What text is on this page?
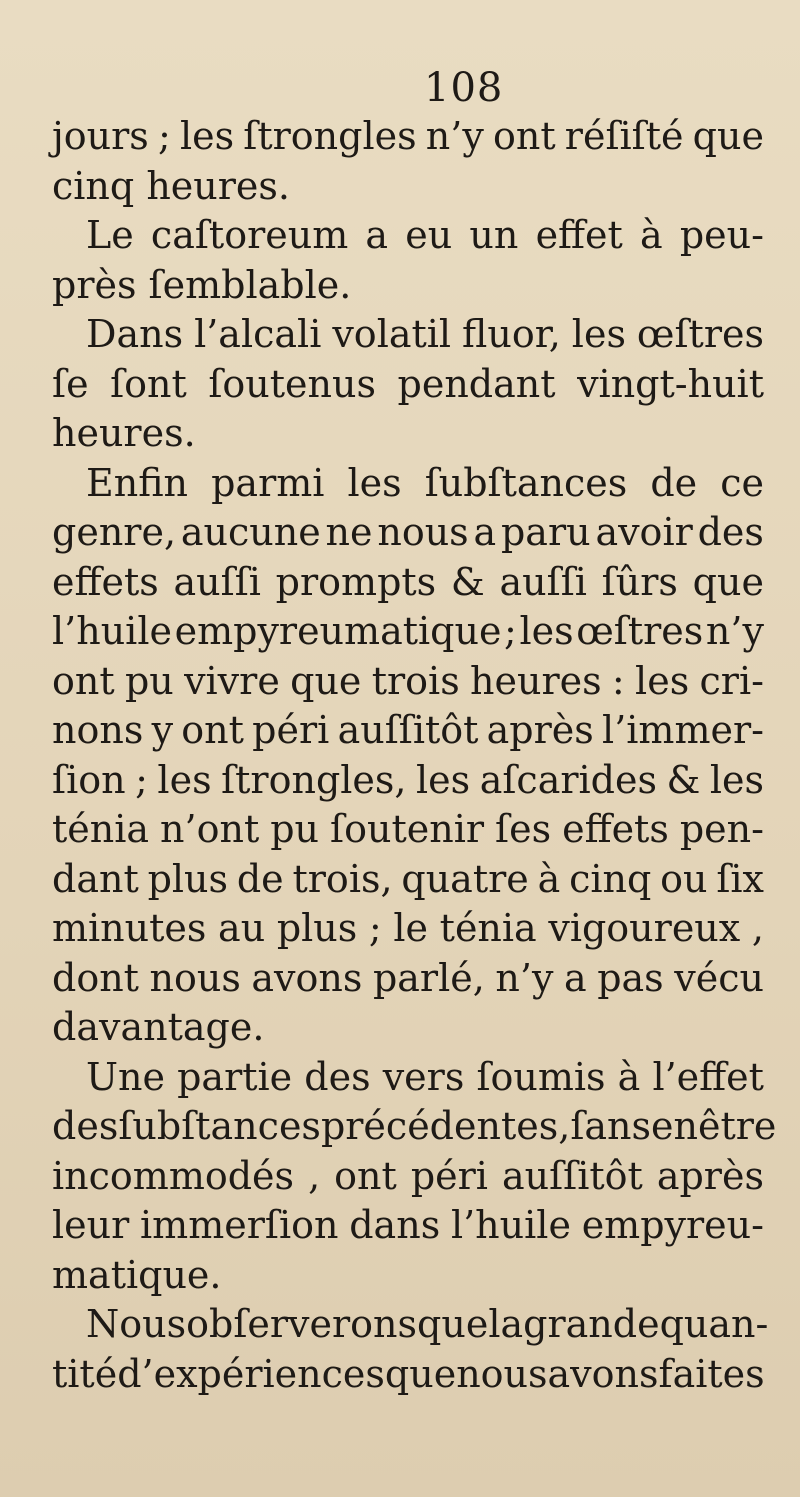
108
jours ; les ſtrongles n’y ont réſiſté que
cinq heures.
Le caſtoreum a eu un effet à peu-
près ſemblable.
Dans l’alcali volatil fluor, les œſtres
ſe ſont ſoutenus pendant vingt-huit
heures.
Enfin parmi les ſubſtances de ce
genre, aucune ne nous a paru avoir des
effets auſſi prompts & auſſi ſûrs que
l’huile empyreumatique ; les œſtres n’y
ont pu vivre que trois heures : les cri-
nons y ont péri auſſitôt après l’immer-
ſion ; les ſtrongles, les aſcarides & les
ténia n’ont pu ſoutenir ſes effets pen-
dant plus de trois, quatre à cinq ou ſix
minutes au plus ; le ténia vigoureux ,
dont nous avons parlé, n’y a pas vécu
davantage.
Une partie des vers ſoumis à l’effet
des ſubſtances précédentes, ſans en être
incommodés , ont péri auſſitôt après
leur immerſion dans l’huile empyreu-
matique.
Nous obſerverons que la grande quan-
tité d’expériences que nous avons faites
